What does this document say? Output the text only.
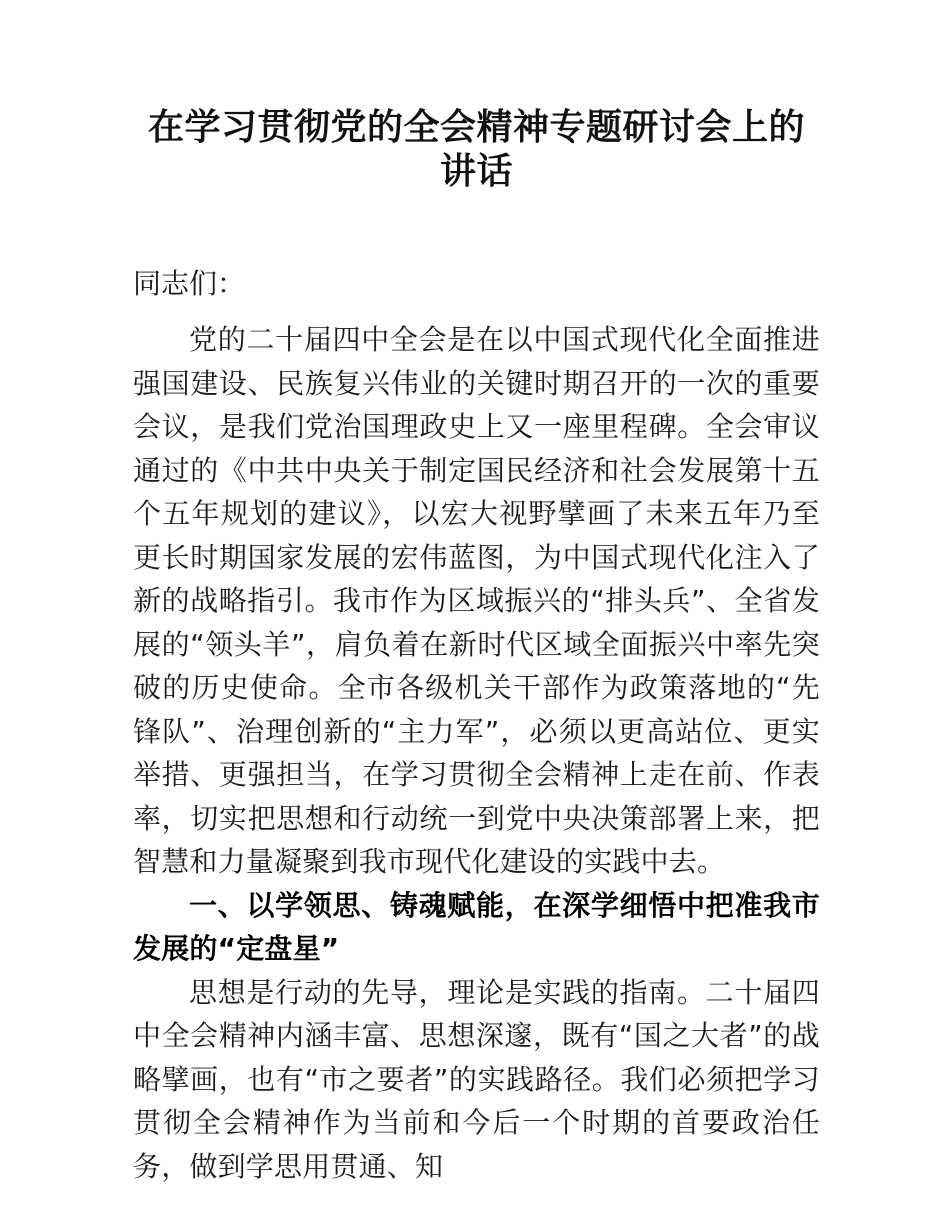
在学习贯彻党的全会精神专题研讨会上的讲话
同志们：

党的二十届四中全会是在以中国式现代化全面推进强国建设、民族复兴伟业的关键时期召开的一次的重要会议，是我们党治国理政史上又一座里程碑。全会审议通过的《中共中央关于制定国民经济和社会发展第十五个五年规划的建议》，以宏大视野擘画了未来五年乃至更长时期国家发展的宏伟蓝图，为中国式现代化注入了新的战略指引。我市作为区域振兴的“排头兵”、全省发展的“领头羊”，肩负着在新时代区域全面振兴中率先突破的历史使命。全市各级机关干部作为政策落地的“先锋队”、治理创新的“主力军”，必须以更高站位、更实举措、更强担当，在学习贯彻全会精神上走在前、作表率，切实把思想和行动统一到党中央决策部署上来，把智慧和力量凝聚到我市现代化建设的实践中去。

一、以学领思、铸魂赋能，在深学细悟中把准我市发展的“定盘星”

思想是行动的先导，理论是实践的指南。二十届四中全会精神内涵丰富、思想深邃，既有“国之大者”的战略擘画，也有“市之要者”的实践路径。我们必须把学习贯彻全会精神作为当前和今后一个时期的首要政治任务，做到学思用贯通、知
